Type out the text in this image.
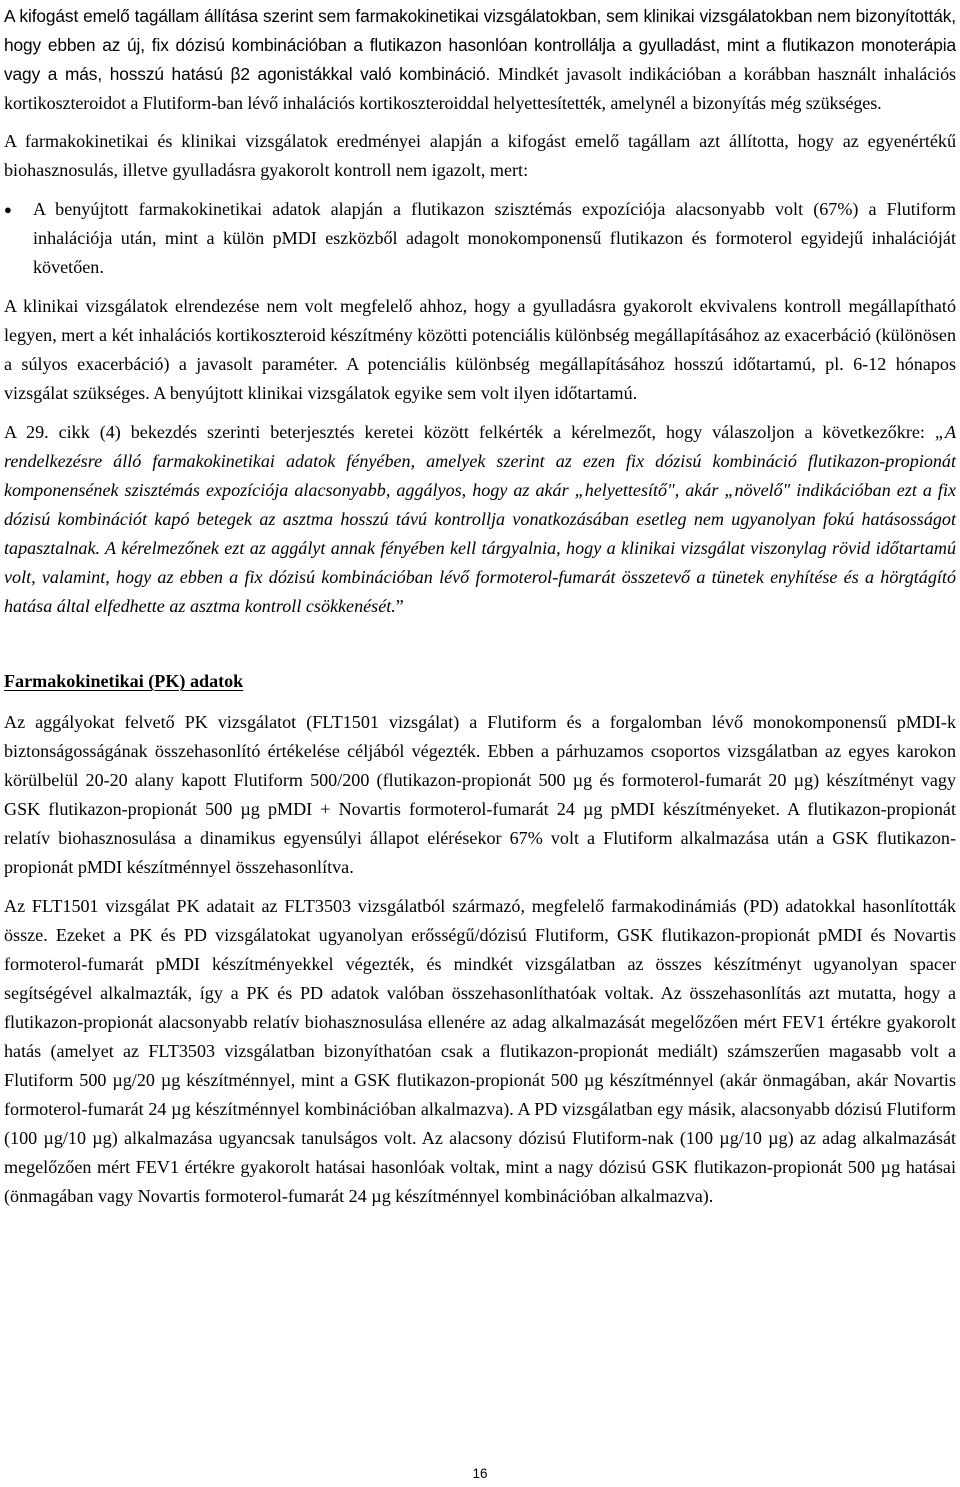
A kifogást emelő tagállam állítása szerint sem farmakokinetikai vizsgálatokban, sem klinikai vizsgálatokban nem bizonyították, hogy ebben az új, fix dózisú kombinációban a flutikazon hasonlóan kontrollálja a gyulladást, mint a flutikazon monoterápia vagy a más, hosszú hatású β2 agonistákkal való kombináció. Mindkét javasolt indikációban a korábban használt inhalációs kortikoszteroidot a Flutiform-ban lévő inhalációs kortikoszteroiddal helyettesítették, amelynél a bizonyítás még szükséges.

A farmakokinetikai és klinikai vizsgálatok eredményei alapján a kifogást emelő tagállam azt állította, hogy az egyenértékű biohasznosulás, illetve gyulladásra gyakorolt kontroll nem igazolt, mert:

● A benyújtott farmakokinetikai adatok alapján a flutikazon szisztémás expozíciója alacsonyabb volt (67%) a Flutiform inhalációja után, mint a külön pMDI eszközből adagolt monokomponensű flutikazon és formoterol egyidejű inhalációját követően.

A klinikai vizsgálatok elrendezése nem volt megfelelő ahhoz, hogy a gyulladásra gyakorolt ekvivalens kontroll megállapítható legyen, mert a két inhalációs kortikoszteroid készítmény közötti potenciális különbség megállapításához az exacerbáció (különösen a súlyos exacerbáció) a javasolt paraméter. A potenciális különbség megállapításához hosszú időtartamú, pl. 6-12 hónapos vizsgálat szükséges. A benyújtott klinikai vizsgálatok egyike sem volt ilyen időtartamú.

A 29. cikk (4) bekezdés szerinti beterjesztés keretei között felkérték a kérelmezőt, hogy válaszoljon a következőkre: „A rendelkezésre álló farmakokinetikai adatok fényében, amelyek szerint az ezen fix dózisú kombináció flutikazon-propionát komponensének szisztémás expozíciója alacsonyabb, aggályos, hogy az akár „helyettesítő", akár „növelő" indikációban ezt a fix dózisú kombinációt kapó betegek az asztma hosszú távú kontrollja vonatkozásában esetleg nem ugyanolyan fokú hatásosságot tapasztalnak. A kérelmezőnek ezt az aggályt annak fényében kell tárgyalnia, hogy a klinikai vizsgálat viszonylag rövid időtartamú volt, valamint, hogy az ebben a fix dózisú kombinációban lévő formoterol-fumarát összetevő a tünetek enyhítése és a hörgtágító hatása által elfedhette az asztma kontroll csökkenését.”

Farmakokinetikai (PK) adatok

Az aggályokat felvető PK vizsgálatot (FLT1501 vizsgálat) a Flutiform és a forgalomban lévő monokomponensű pMDI-k biztonságosságának összehasonlító értékelése céljából végezték. Ebben a párhuzamos csoportos vizsgálatban az egyes karokon körülbelül 20-20 alany kapott Flutiform 500/200 (flutikazon-propionát 500 µg és formoterol-fumarát 20 µg) készítményt vagy GSK flutikazon-propionát 500 µg pMDI + Novartis formoterol-fumarát 24 µg pMDI készítményeket. A flutikazon-propionát relatív biohasznosulása a dinamikus egyensúlyi állapot elérésekor 67% volt a Flutiform alkalmazása után a GSK flutikazon-propionát pMDI készítménnyel összehasonlítva.

Az FLT1501 vizsgálat PK adatait az FLT3503 vizsgálatból származó, megfelelő farmakodinámiás (PD) adatokkal hasonlították össze. Ezeket a PK és PD vizsgálatokat ugyanolyan erősségű/dózisú Flutiform, GSK flutikazon-propionát pMDI és Novartis formoterol-fumarát pMDI készítményekkel végezték, és mindkét vizsgálatban az összes készítményt ugyanolyan spacer segítségével alkalmazták, így a PK és PD adatok valóban összehasonlíthatóak voltak. Az összehasonlítás azt mutatta, hogy a flutikazon-propionát alacsonyabb relatív biohasznosulása ellenére az adag alkalmazását megelőzően mért FEV1 értékre gyakorolt hatás (amelyet az FLT3503 vizsgálatban bizonyíthatóan csak a flutikazon-propionát mediált) számszerűen magasabb volt a Flutiform 500 µg/20 µg készítménnyel, mint a GSK flutikazon-propionát 500 µg készítménnyel (akár önmagában, akár Novartis formoterol-fumarát 24 µg készítménnyel kombinációban alkalmazva). A PD vizsgálatban egy másik, alacsonyabb dózisú Flutiform (100 µg/10 µg) alkalmazása ugyancsak tanulságos volt. Az alacsony dózisú Flutiform-nak (100 µg/10 µg) az adag alkalmazását megelőzően mért FEV1 értékre gyakorolt hatásai hasonlóak voltak, mint a nagy dózisú GSK flutikazon-propionát 500 µg hatásai (önmagában vagy Novartis formoterol-fumarát 24 µg készítménnyel kombinációban alkalmazva).

16
